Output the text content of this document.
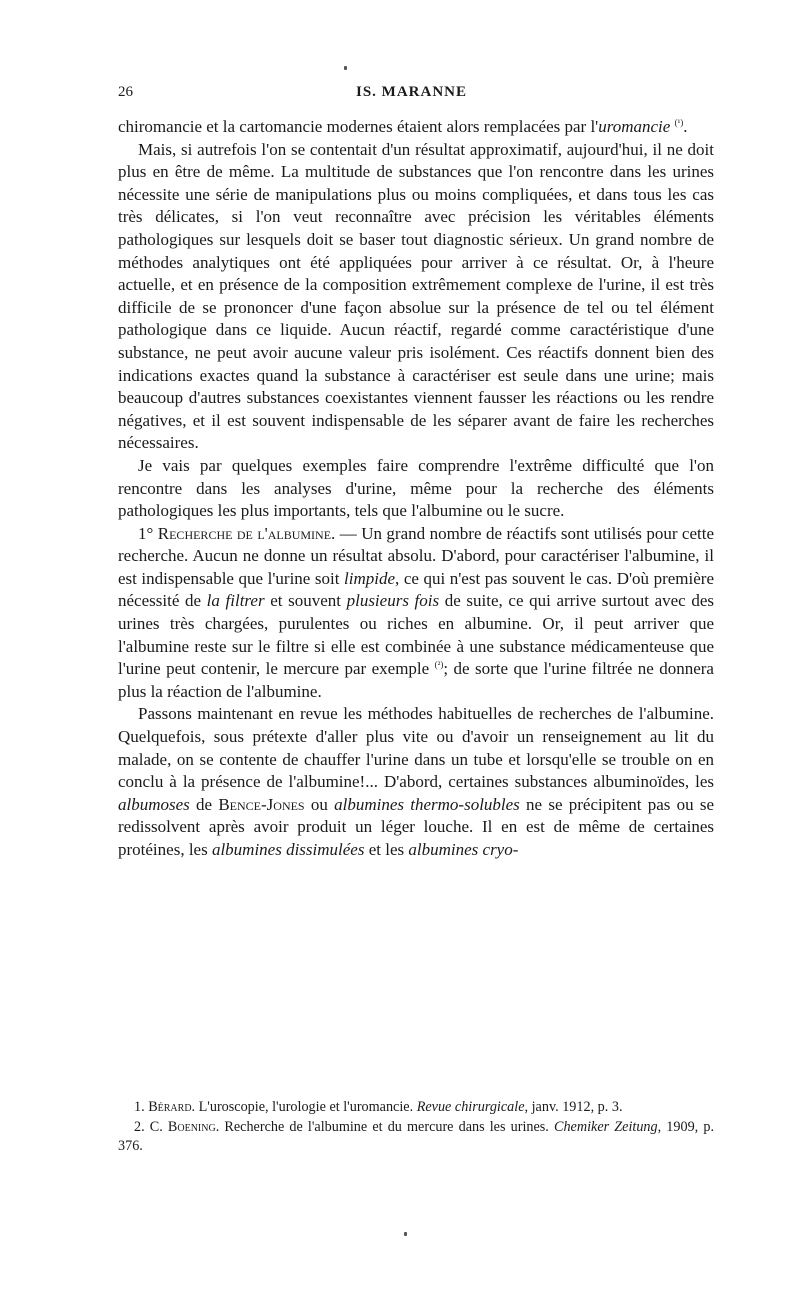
26	IS. MARANNE

chiromancie et la cartomancie modernes étaient alors remplacées par l'uromancie $^{(^1)}$.

Mais, si autrefois l'on se contentait d'un résultat approximatif, aujourd'hui, il ne doit plus en être de même. La multitude de substances que l'on rencontre dans les urines nécessite une série de manipulations plus ou moins compliquées, et dans tous les cas très délicates, si l'on veut reconnaître avec précision les véritables éléments pathologiques sur lesquels doit se baser tout diagnostic sérieux. Un grand nombre de méthodes analytiques ont été appliquées pour arriver à ce résultat. Or, à l'heure actuelle, et en présence de la composition extrêmement complexe de l'urine, il est très difficile de se prononcer d'une façon absolue sur la présence de tel ou tel élément pathologique dans ce liquide. Aucun réactif, regardé comme caractéristique d'une substance, ne peut avoir aucune valeur pris isolément. Ces réactifs donnent bien des indications exactes quand la substance à caractériser est seule dans une urine; mais beaucoup d'autres substances coexistantes viennent fausser les réactions ou les rendre négatives, et il est souvent indispensable de les séparer avant de faire les recherches nécessaires.

Je vais par quelques exemples faire comprendre l'extrême difficulté que l'on rencontre dans les analyses d'urine, même pour la recherche des éléments pathologiques les plus importants, tels que l'albumine ou le sucre.

1° Recherche de l'albumine. — Un grand nombre de réactifs sont utilisés pour cette recherche. Aucun ne donne un résultat absolu. D'abord, pour caractériser l'albumine, il est indispensable que l'urine soit limpide, ce qui n'est pas souvent le cas. D'où première nécessité de la filtrer et souvent plusieurs fois de suite, ce qui arrive surtout avec des urines très chargées, purulentes ou riches en albumine. Or, il peut arriver que l'albumine reste sur le filtre si elle est combinée à une substance médicamenteuse que l'urine peut contenir, le mercure par exemple $^{(^2)}$; de sorte que l'urine filtrée ne donnera plus la réaction de l'albumine.

Passons maintenant en revue les méthodes habituelles de recherches de l'albumine. Quelquefois, sous prétexte d'aller plus vite ou d'avoir un renseignement au lit du malade, on se contente de chauffer l'urine dans un tube et lorsqu'elle se trouble on en conclu à la présence de l'albumine!... D'abord, certaines substances albuminoïdes, les albumoses de Bence-Jones ou albumines thermo-solubles ne se précipitent pas ou se redissolvent après avoir produit un léger louche. Il en est de même de certaines protéines, les albumines dissimulées et les albumines cryo-

1. Bérard. L'uroscopie, l'urologie et l'uromancie. Revue chirurgicale, janv. 1912, p. 3.

2. C. Boening. Recherche de l'albumine et du mercure dans les urines. Chemiker Zeitung, 1909, p. 376.
